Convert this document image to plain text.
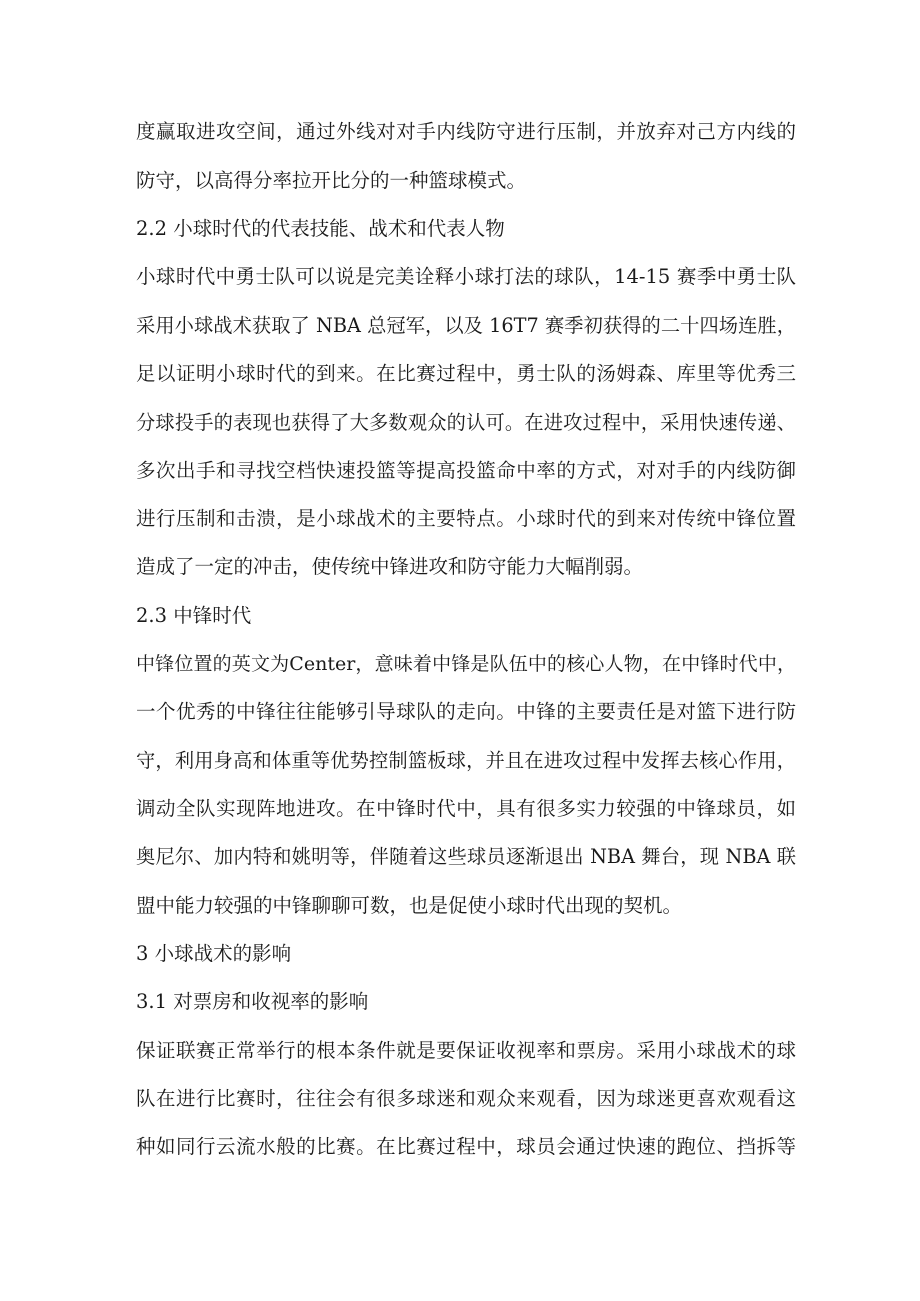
度赢取进攻空间，通过外线对对手内线防守进行压制，并放弃对己方内线的
防守，以高得分率拉开比分的一种篮球模式。
2.2 小球时代的代表技能、战术和代表人物
小球时代中勇士队可以说是完美诠释小球打法的球队，14-15 赛季中勇士队
采用小球战术获取了 NBA 总冠军，以及 16T7 赛季初获得的二十四场连胜，
足以证明小球时代的到来。在比赛过程中，勇士队的汤姆森、库里等优秀三
分球投手的表现也获得了大多数观众的认可。在进攻过程中，采用快速传递、
多次出手和寻找空档快速投篮等提高投篮命中率的方式，对对手的内线防御
进行压制和击溃，是小球战术的主要特点。小球时代的到来对传统中锋位置
造成了一定的冲击，使传统中锋进攻和防守能力大幅削弱。
2.3 中锋时代
中锋位置的英文为Center，意味着中锋是队伍中的核心人物，在中锋时代中，
一个优秀的中锋往往能够引导球队的走向。中锋的主要责任是对篮下进行防
守，利用身高和体重等优势控制篮板球，并且在进攻过程中发挥去核心作用，
调动全队实现阵地进攻。在中锋时代中，具有很多实力较强的中锋球员，如
奥尼尔、加内特和姚明等，伴随着这些球员逐渐退出 NBA 舞台，现 NBA 联
盟中能力较强的中锋聊聊可数，也是促使小球时代出现的契机。
3 小球战术的影响
3.1 对票房和收视率的影响
保证联赛正常举行的根本条件就是要保证收视率和票房。采用小球战术的球
队在进行比赛时，往往会有很多球迷和观众来观看，因为球迷更喜欢观看这
种如同行云流水般的比赛。在比赛过程中，球员会通过快速的跑位、挡拆等
